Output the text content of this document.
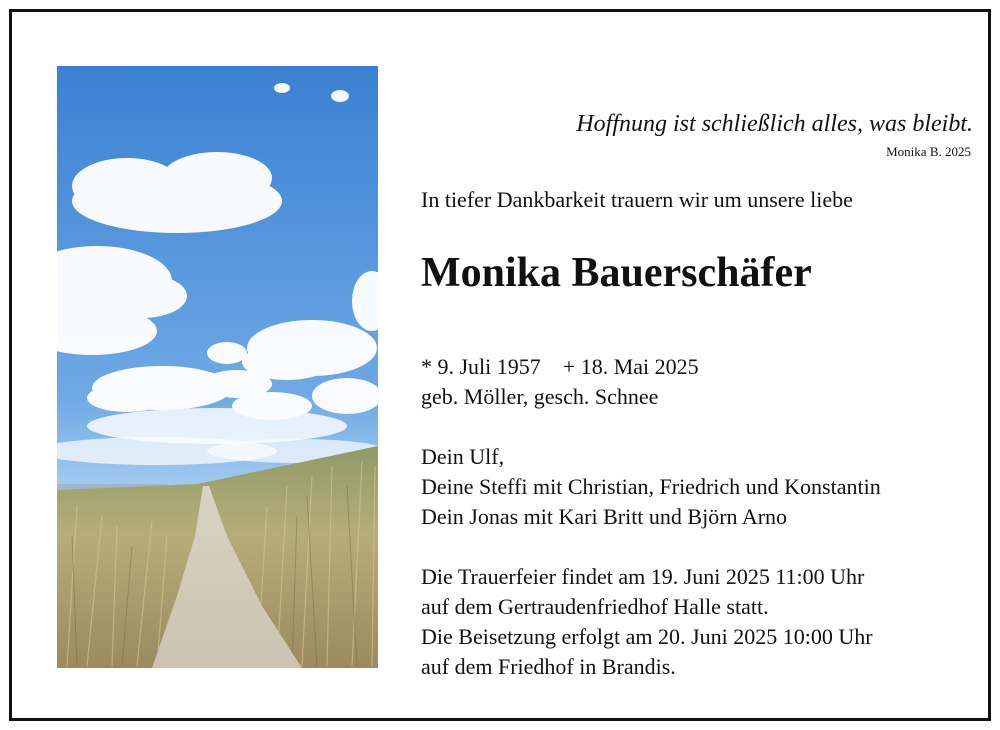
Hoffnung ist schließlich alles, was bleibt.
Monika B. 2025
In tiefer Dankbarkeit trauern wir um unsere liebe
Monika Bauerschäfer
* 9. Juli 1957 + 18. Mai 2025
geb. Möller, gesch. Schnee
Dein Ulf,
Deine Steffi mit Christian, Friedrich und Konstantin
Dein Jonas mit Kari Britt und Björn Arno
Die Trauerfeier findet am 19. Juni 2025 11:00 Uhr
auf dem Gertraudenfriedhof Halle statt.
Die Beisetzung erfolgt am 20. Juni 2025 10:00 Uhr
auf dem Friedhof in Brandis.
